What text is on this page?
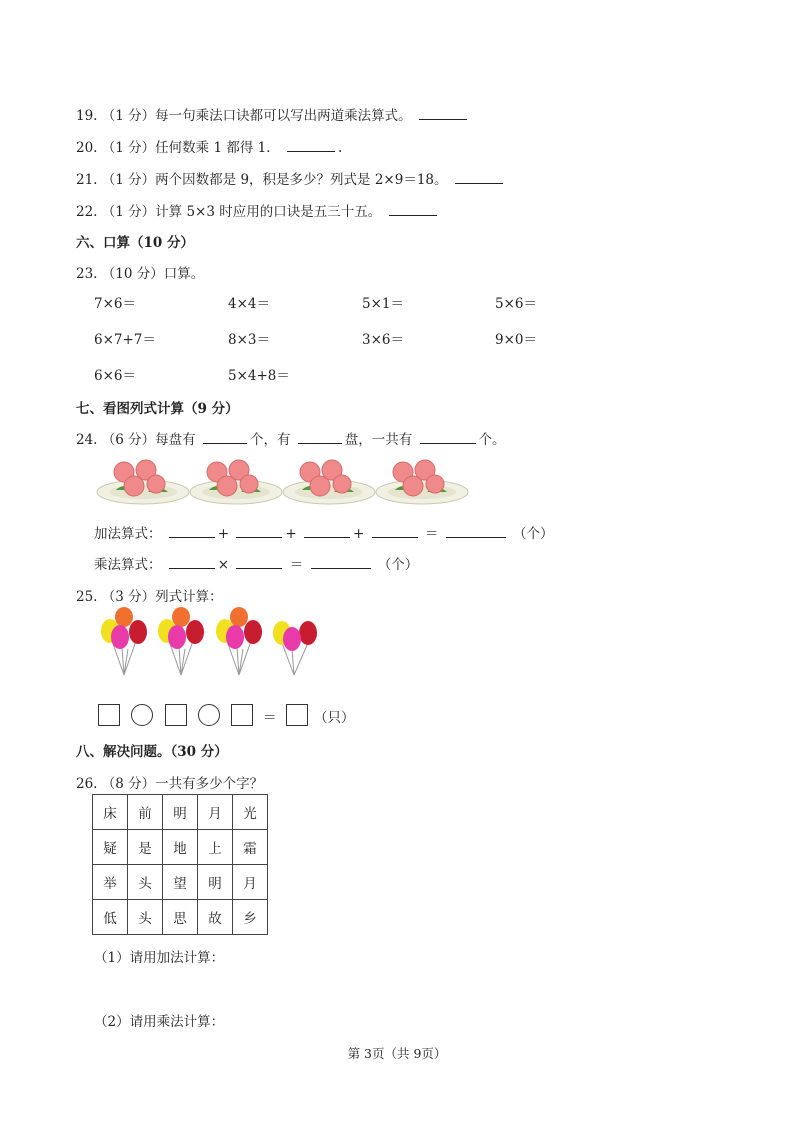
19. （1 分）每一句乘法口诀都可以写出两道乘法算式。
20. （1 分）任何数乘 1 都得 1．	.
21. （1 分）两个因数都是 9，积是多少？列式是 2×9＝18。
22. （1 分）计算 5×3 时应用的口诀是五三十五。
六、口算（10 分）
23. （10 分）口算。
7×6＝	4×4＝	5×1＝	5×6＝
6×7+7＝	8×3＝	3×6＝	9×0＝
6×6＝	5×4+8＝
七、看图列式计算（9 分）
24. （6 分）每盘有	个，有	盘，一共有	个。
加法算式：	+	+	+	＝	（个）
乘法算式：	×	＝	（个）
25. （3 分）列式计算：
＝	（只）
八、解决问题。（30 分）
26. （8 分）一共有多少个字？
床	前	明	月	光
疑	是	地	上	霜
举	头	望	明	月
低	头	思	故	乡
（1）请用加法计算：
（2）请用乘法计算：
第 3页（共 9页）
